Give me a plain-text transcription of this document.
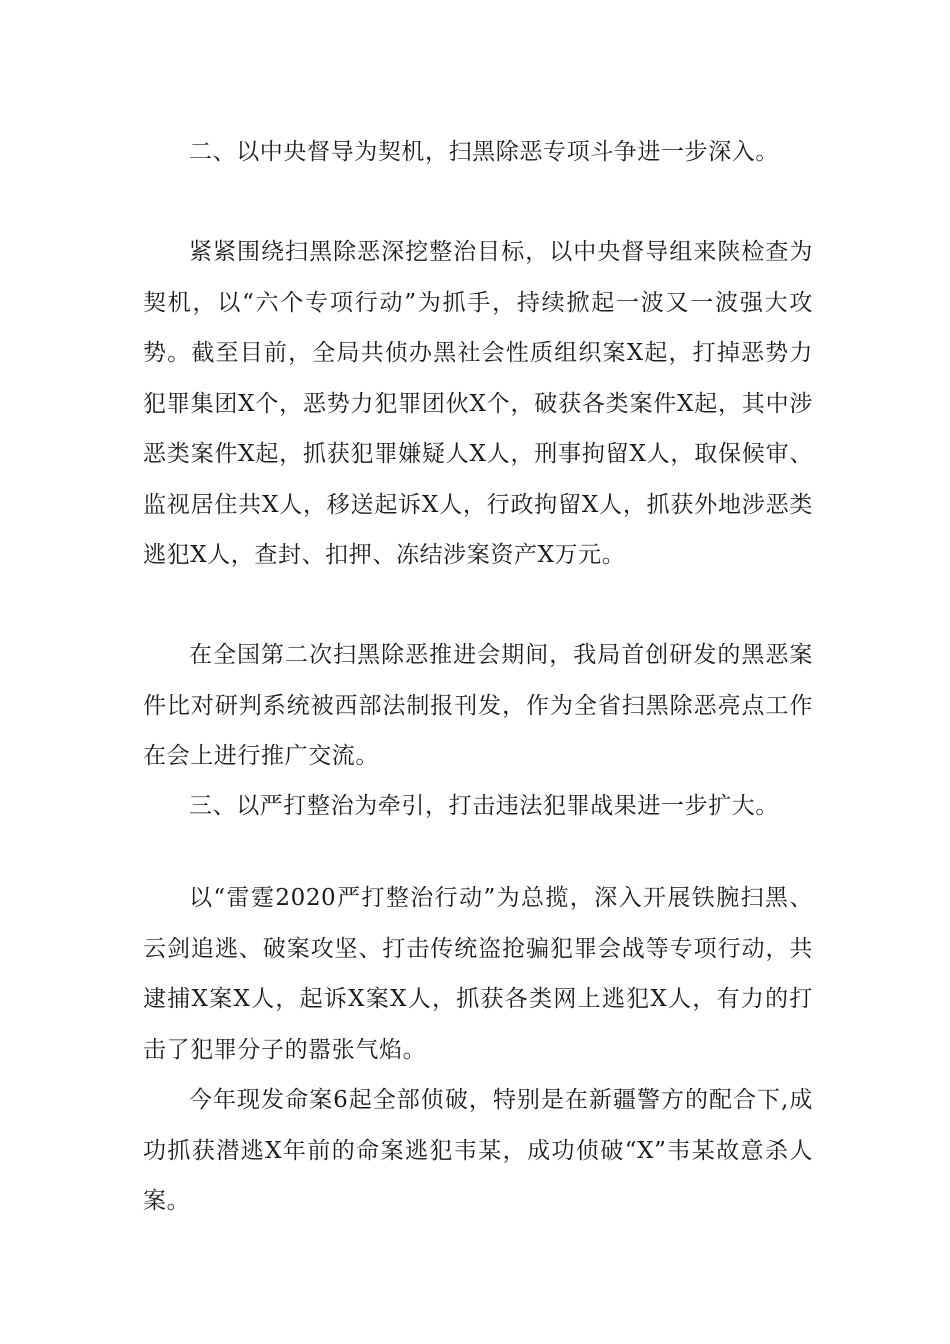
二、以中央督导为契机，扫黑除恶专项斗争进一步深入。

紧紧围绕扫黑除恶深挖整治目标，以中央督导组来陕检查为契机，以“六个专项行动”为抓手，持续掀起一波又一波强大攻势。截至目前，全局共侦办黑社会性质组织案X起，打掉恶势力犯罪集团X个，恶势力犯罪团伙X个，破获各类案件X起，其中涉恶类案件X起，抓获犯罪嫌疑人X人，刑事拘留X人，取保候审、监视居住共X人，移送起诉X人，行政拘留X人，抓获外地涉恶类逃犯X人，查封、扣押、冻结涉案资产X万元。

在全国第二次扫黑除恶推进会期间，我局首创研发的黑恶案件比对研判系统被西部法制报刊发，作为全省扫黑除恶亮点工作在会上进行推广交流。

三、以严打整治为牵引，打击违法犯罪战果进一步扩大。

以“雷霆2020严打整治行动”为总揽，深入开展铁腕扫黑、云剑追逃、破案攻坚、打击传统盗抢骗犯罪会战等专项行动，共逮捕X案X人，起诉X案X人，抓获各类网上逃犯X人，有力的打击了犯罪分子的嚣张气焰。

今年现发命案6起全部侦破，特别是在新疆警方的配合下,成功抓获潜逃X年前的命案逃犯韦某，成功侦破“X”韦某故意杀人案。
